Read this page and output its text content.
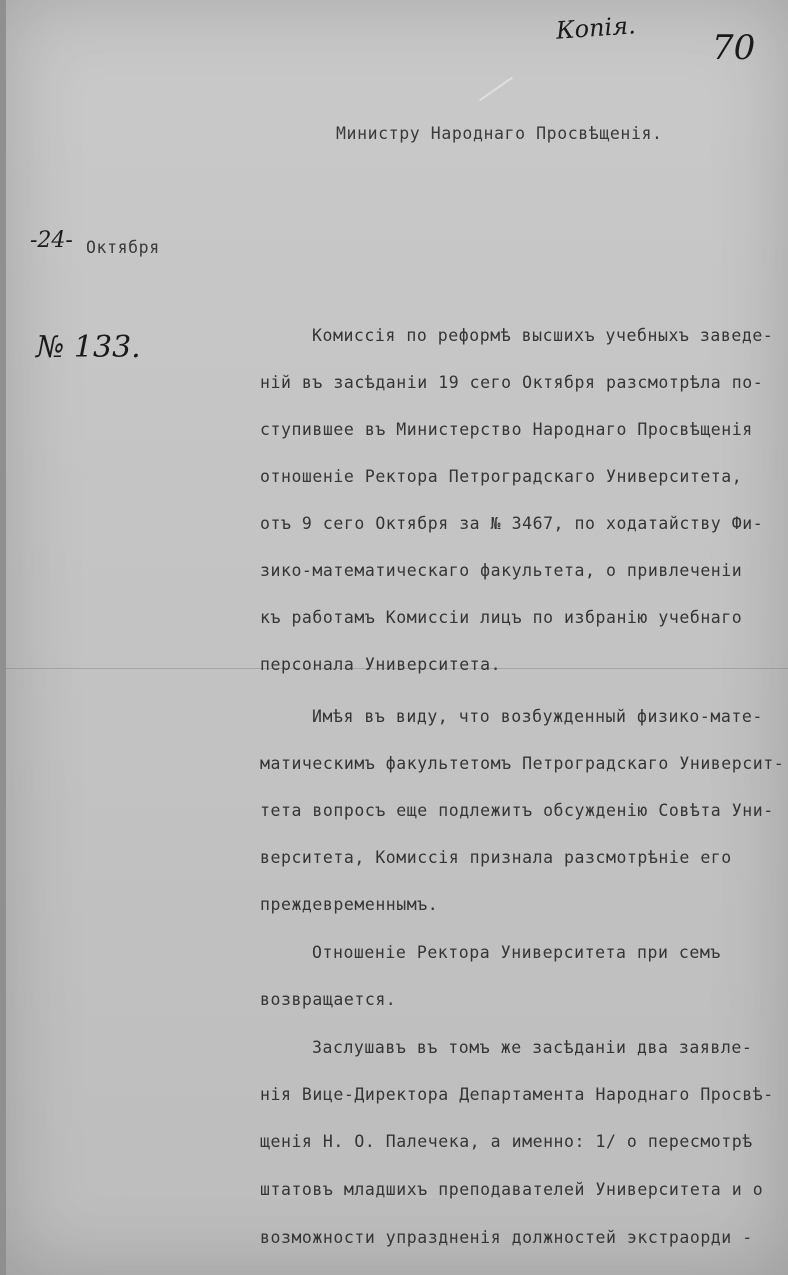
Копія.
70
-24-
№ 133.
Министру Народнаго Просвѣщенія.
Октября
Комиссія по реформѣ высшихъ учебныхъ заведе-
ній въ засѣданіи 19 сего Октября разсмотрѣла по-
ступившее въ Министерство Народнаго Просвѣщенія
отношеніе Ректора Петроградскаго Университета,
отъ 9 сего Октября за № 3467, по ходатайству Фи-
зико-математическаго факультета, о привлеченіи
къ работамъ Комиссіи лицъ по избранію учебнаго
персонала Университета.
Имѣя въ виду, что возбужденный физико-мате-
матическимъ факультетомъ Петроградскаго Университ-
тета вопросъ еще подлежитъ обсужденію Совѣта Уни-
верситета, Комиссія признала разсмотрѣніе его
преждевременнымъ.
Отношеніе Ректора Университета при семъ
возвращается.
Заслушавъ въ томъ же засѣданіи два заявле-
нія Вице-Директора Департамента Народнаго Просвѣ-
щенія Н. О. Палечека, а именно: 1/ о пересмотрѣ
штатовъ младшихъ преподавателей Университета и о
возможности упраздненія должностей экстраорди -
